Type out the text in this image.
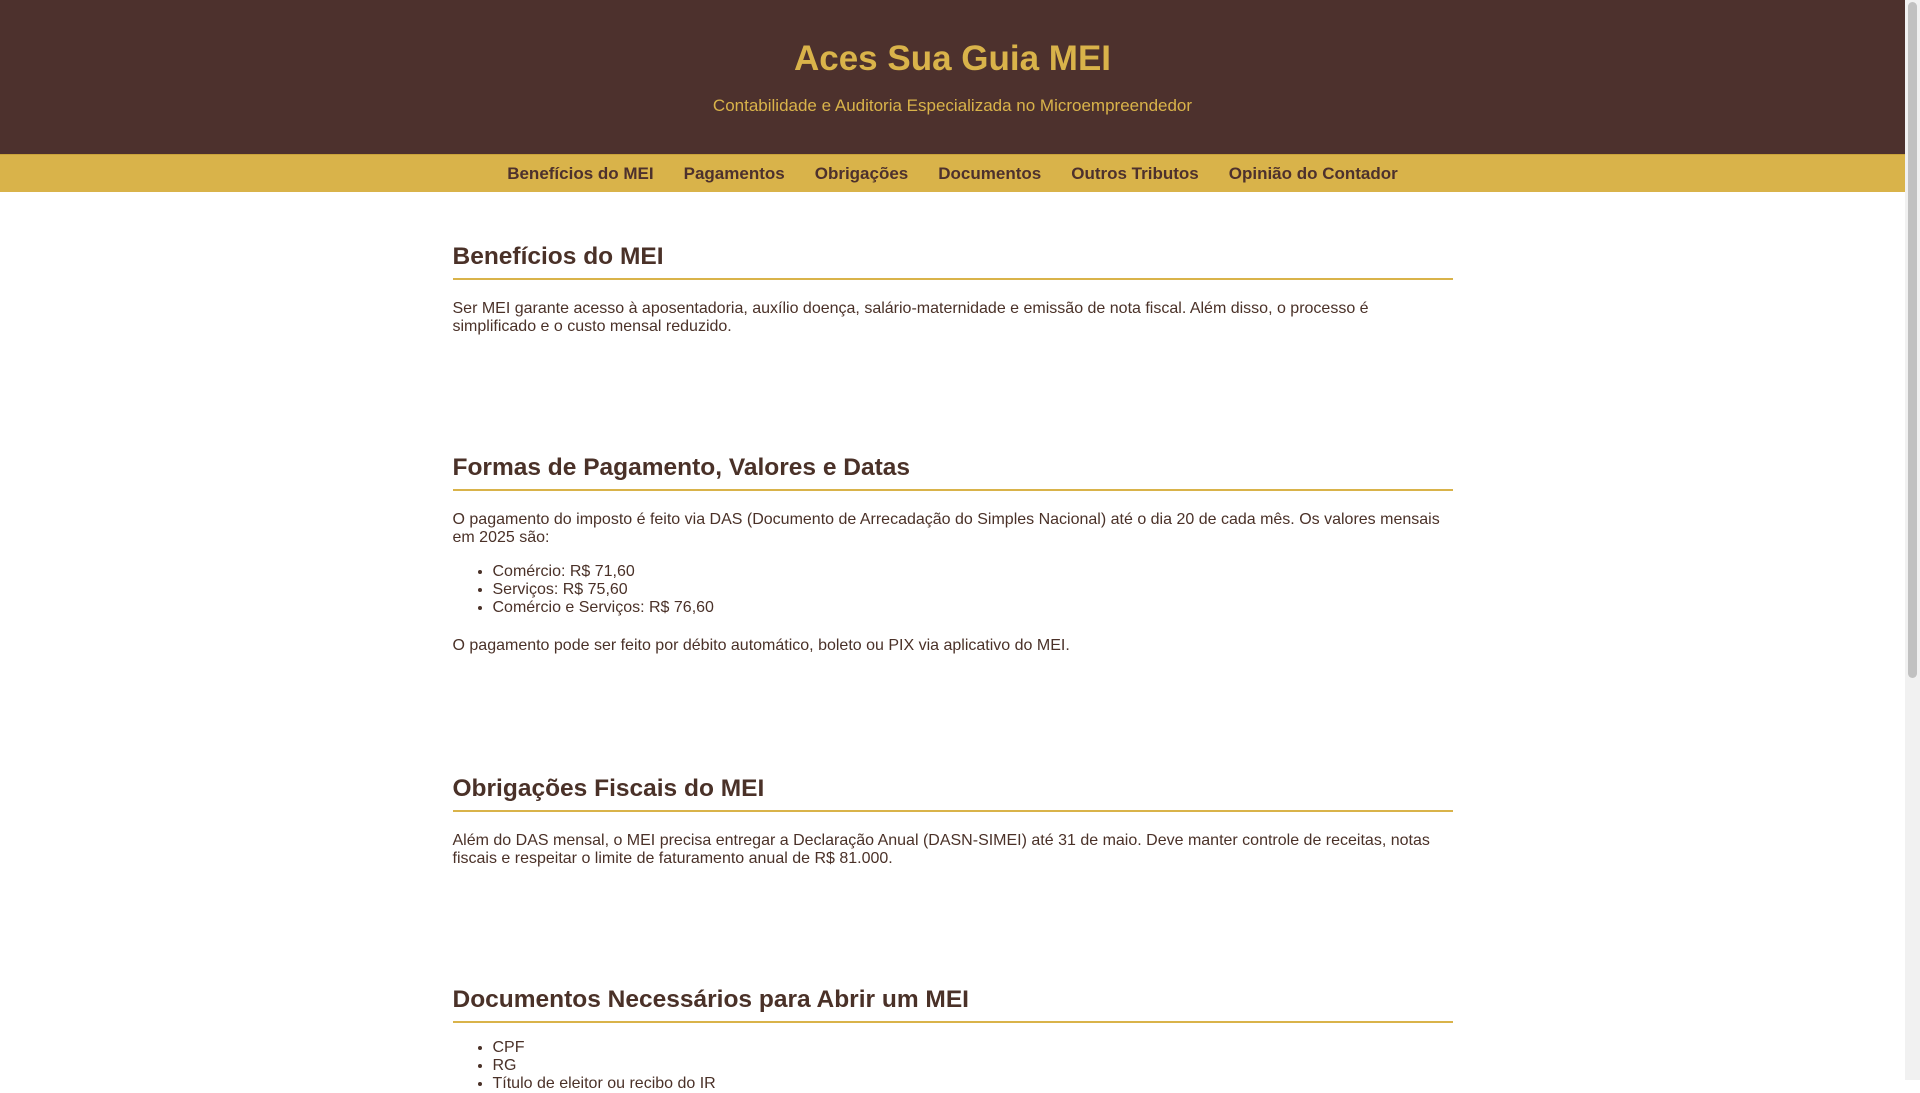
Aces Sua Guia MEI

Contabilidade e Auditoria Especializada no Microempreendedor

Benefícios do MEI	Pagamentos	Obrigações	Documentos	Outros Tributos	Opinião do Contador
Benefícios do MEI

Ser MEI garante acesso à aposentadoria, auxílio doença, salário-maternidade e emissão de nota fiscal. Além disso, o processo é simplificado e o custo mensal reduzido.

Formas de Pagamento, Valores e Datas

O pagamento do imposto é feito via DAS (Documento de Arrecadação do Simples Nacional) até o dia 20 de cada mês. Os valores mensais em 2025 são:

• Comércio: R$ 71,60
• Serviços: R$ 75,60
• Comércio e Serviços: R$ 76,60

O pagamento pode ser feito por débito automático, boleto ou PIX via aplicativo do MEI.

Obrigações Fiscais do MEI

Além do DAS mensal, o MEI precisa entregar a Declaração Anual (DASN-SIMEI) até 31 de maio. Deve manter controle de receitas, notas fiscais e respeitar o limite de faturamento anual de R$ 81.000.

Documentos Necessários para Abrir um MEI
• CPF
• RG
• Título de eleitor ou recibo do IR
